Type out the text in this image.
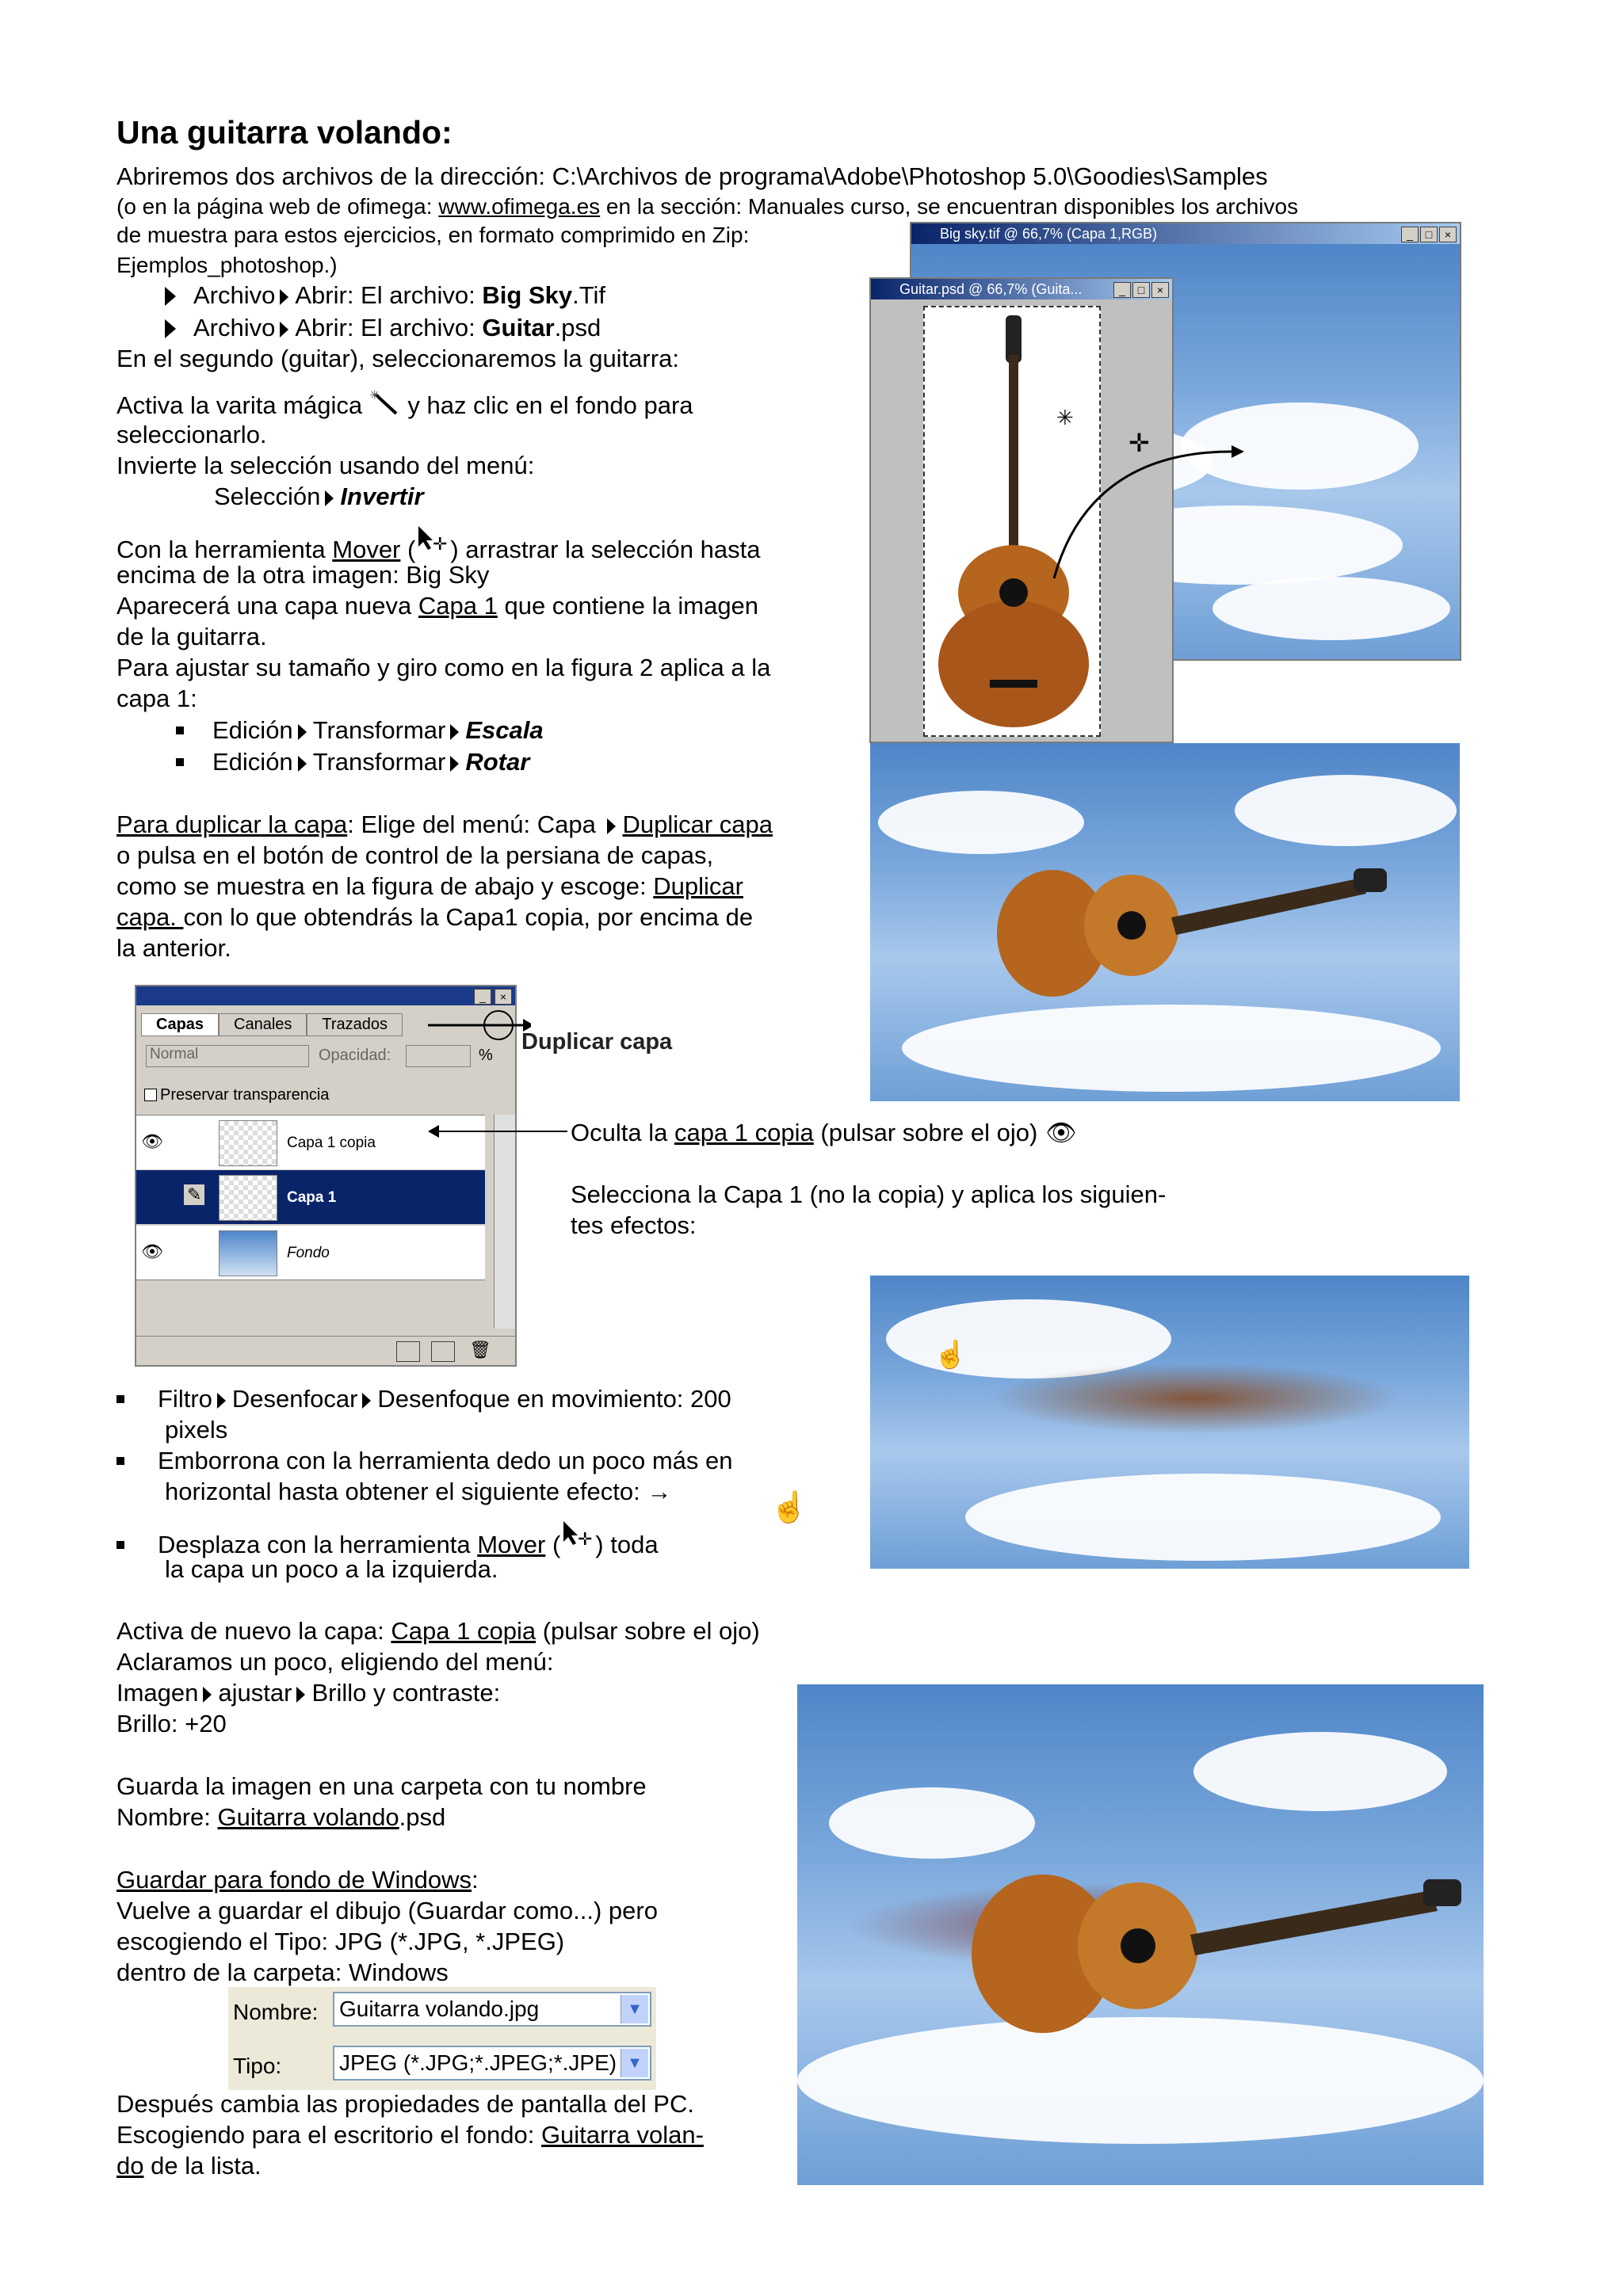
Una guitarra volando:
Abriremos dos archivos de la dirección: C:\Archivos de programa\Adobe\Photoshop 5.0\Goodies\Samples
(o en la página web de ofimega: www.ofimega.es en la sección: Manuales curso, se encuentran disponibles los archivos
de muestra para estos ejercicios, en formato comprimido en Zip:
Ejemplos_photoshop.)
Archivo Abrir: El archivo: Big Sky.Tif
Archivo Abrir: El archivo: Guitar.psd
En el segundo (guitar), seleccionaremos la guitarra:
Activa la varita mágica ✳ y haz clic en el fondo para
seleccionarlo.
Invierte la selección usando del menú:
Selección Invertir
Con la herramienta Mover ( ✛ ) arrastrar la selección hasta
encima de la otra imagen: Big Sky
Aparecerá una capa nueva Capa 1 que contiene la imagen
de la guitarra.
Para ajustar su tamaño y giro como en la figura 2 aplica a la
capa 1:
Edición Transformar Escala
Edición Transformar Rotar
Para duplicar la capa: Elige del menú: Capa Duplicar capa
o pulsa en el botón de control de la persiana de capas,
como se muestra en la figura de abajo y escoge: Duplicar
capa. con lo que obtendrás la Capa1 copia, por encima de
la anterior.
_	×
Capas Canales Trazados
Normal	Opacidad:	%
Preservar transparencia
👁	Capa 1 copia
✎	Capa 1
👁	Fondo
🗑
Duplicar capa
Oculta la capa 1 copia (pulsar sobre el ojo) 👁
Selecciona la Capa 1 (no la copia) y aplica los siguien-
tes efectos:
Filtro Desenfocar Desenfoque en movimiento: 200
pixels
Emborrona con la herramienta dedo un poco más en
horizontal hasta obtener el siguiente efecto: →	☝
Desplaza con la herramienta Mover ( ✛ ) toda
la capa un poco a la izquierda.
Activa de nuevo la capa: Capa 1 copia (pulsar sobre el ojo)
Aclaramos un poco, eligiendo del menú:
Imagen ajustar Brillo y contraste:
Brillo: +20
Guarda la imagen en una carpeta con tu nombre
Nombre: Guitarra volando.psd
Guardar para fondo de Windows:
Vuelve a guardar el dibujo (Guardar como...) pero
escogiendo el Tipo: JPG (*.JPG, *.JPEG)
dentro de la carpeta: Windows
Nombre: Guitarra volando.jpg	▼
Tipo:	JPEG (*.JPG;*.JPEG;*.JPE) ▼
Después cambia las propiedades de pantalla del PC.
Escogiendo para el escritorio el fondo: Guitarra volan-
do de la lista.
Big sky.tif @ 66,7% (Capa 1,RGB)	_	□	×
Guitar.psd @ 66,7% (Guita...	_	□	×
✳
✛
☝
